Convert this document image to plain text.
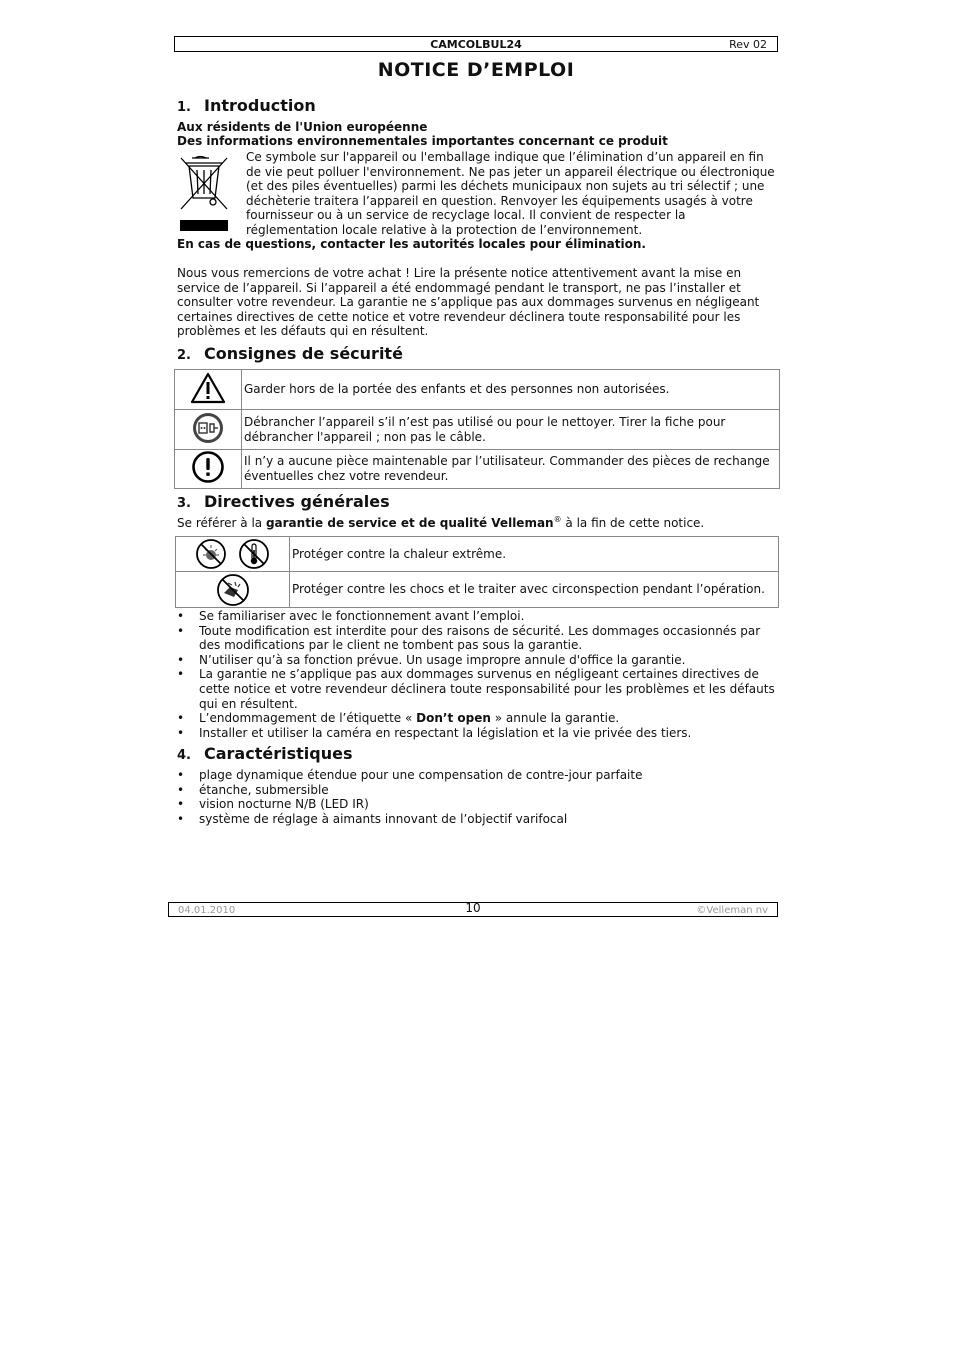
CAMCOLBUL24	Rev 02
NOTICE D’EMPLOI
1. Introduction
Aux résidents de l'Union européenne
Des informations environnementales importantes concernant ce produit
Ce symbole sur l'appareil ou l'emballage indique que l’élimination d’un appareil en fin de vie peut polluer l'environnement. Ne pas jeter un appareil électrique ou électronique (et des piles éventuelles) parmi les déchets municipaux non sujets au tri sélectif ; une déchèterie traitera l’appareil en question. Renvoyer les équipements usagés à votre fournisseur ou à un service de recyclage local. Il convient de respecter la réglementation locale relative à la protection de l’environnement.
En cas de questions, contacter les autorités locales pour élimination.
Nous vous remercions de votre achat ! Lire la présente notice attentivement avant la mise en service de l’appareil. Si l’appareil a été endommagé pendant le transport, ne pas l’installer et consulter votre revendeur. La garantie ne s’applique pas aux dommages survenus en négligeant certaines directives de cette notice et votre revendeur déclinera toute responsabilité pour les problèmes et les défauts qui en résultent.
2. Consignes de sécurité
	Garder hors de la portée des enfants et des personnes non autorisées.
	Débrancher l’appareil s’il n’est pas utilisé ou pour le nettoyer. Tirer la fiche pour débrancher l'appareil ; non pas le câble.
	Il n’y a aucune pièce maintenable par l’utilisateur. Commander des pièces de rechange éventuelles chez votre revendeur.
3. Directives générales
Se référer à la garantie de service et de qualité Velleman® à la fin de cette notice.
	Protéger contre la chaleur extrême.
	Protéger contre les chocs et le traiter avec circonspection pendant l’opération.
• Se familiariser avec le fonctionnement avant l’emploi.
• Toute modification est interdite pour des raisons de sécurité. Les dommages occasionnés par des modifications par le client ne tombent pas sous la garantie.
• N’utiliser qu’à sa fonction prévue. Un usage impropre annule d'office la garantie.
• La garantie ne s’applique pas aux dommages survenus en négligeant certaines directives de cette notice et votre revendeur déclinera toute responsabilité pour les problèmes et les défauts qui en résultent.
• L’endommagement de l’étiquette « Don’t open » annule la garantie.
• Installer et utiliser la caméra en respectant la législation et la vie privée des tiers.
4. Caractéristiques
• plage dynamique étendue pour une compensation de contre-jour parfaite
• étanche, submersible
• vision nocturne N/B (LED IR)
• système de réglage à aimants innovant de l’objectif varifocal
04.01.2010	10	©Velleman nv
